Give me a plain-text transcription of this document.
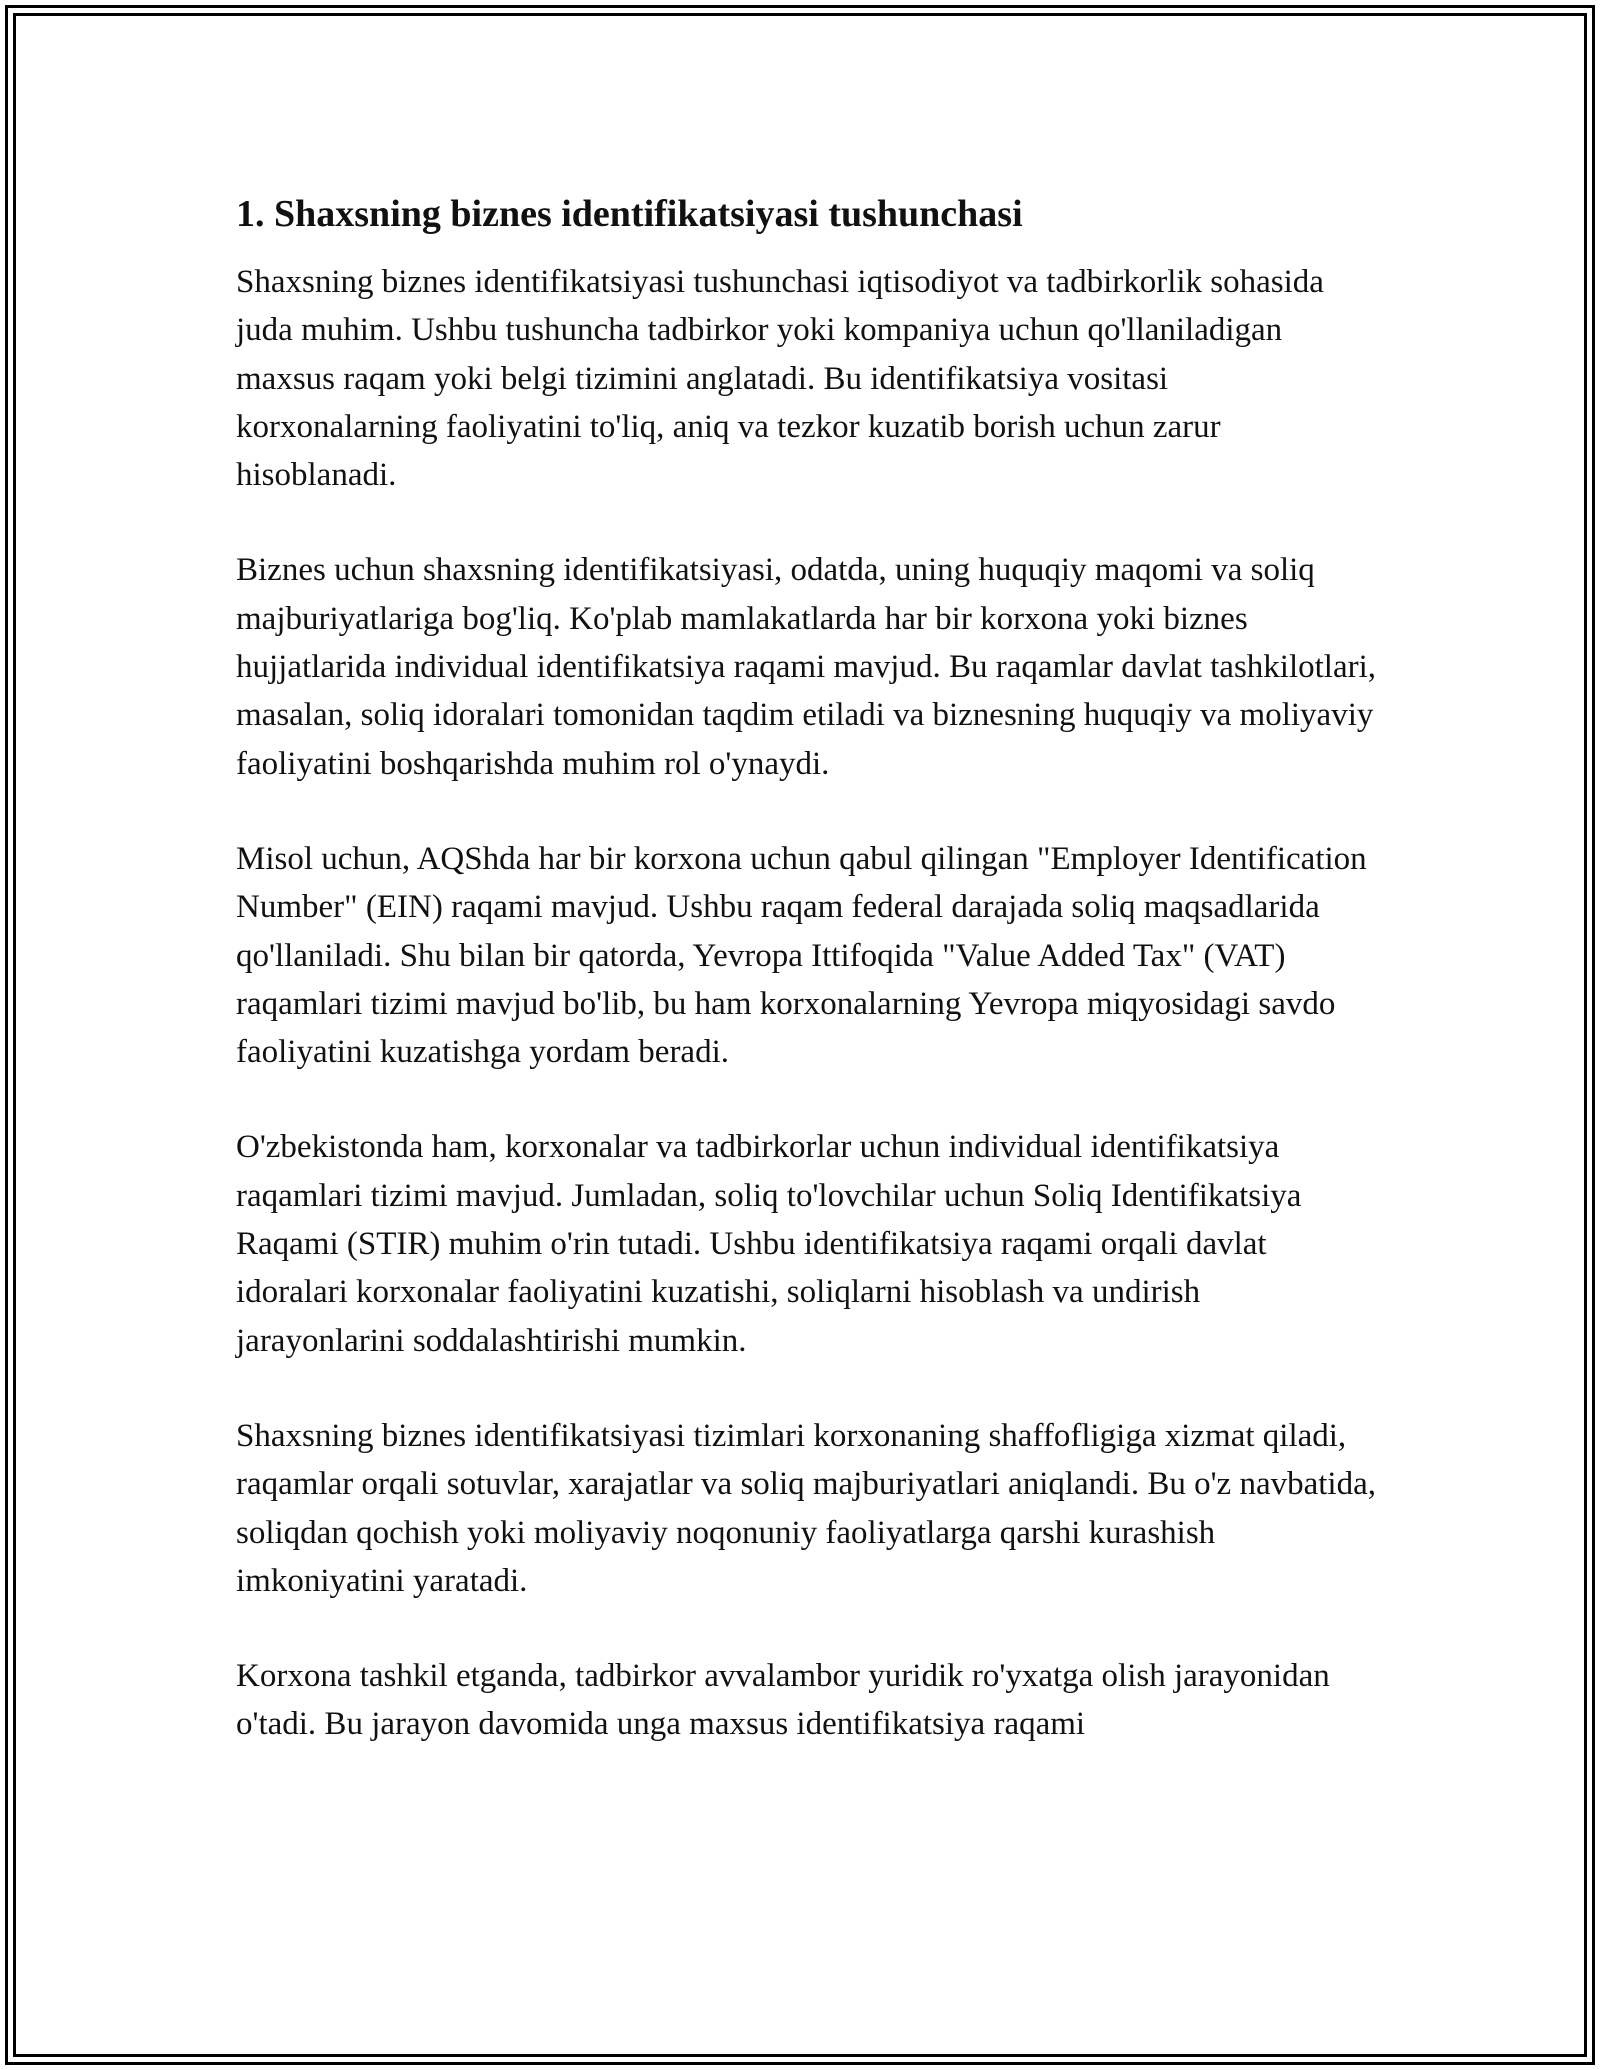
1. Shaxsning biznes identifikatsiyasi tushunchasi

Shaxsning biznes identifikatsiyasi tushunchasi iqtisodiyot va tadbirkorlik sohasida juda muhim. Ushbu tushuncha tadbirkor yoki kompaniya uchun qo'llaniladigan maxsus raqam yoki belgi tizimini anglatadi. Bu identifikatsiya vositasi korxonalarning faoliyatini to'liq, aniq va tezkor kuzatib borish uchun zarur hisoblanadi.

Biznes uchun shaxsning identifikatsiyasi, odatda, uning huquqiy maqomi va soliq majburiyatlariga bog'liq. Ko'plab mamlakatlarda har bir korxona yoki biznes hujjatlarida individual identifikatsiya raqami mavjud. Bu raqamlar davlat tashkilotlari, masalan, soliq idoralari tomonidan taqdim etiladi va biznesning huquqiy va moliyaviy faoliyatini boshqarishda muhim rol o'ynaydi.

Misol uchun, AQShda har bir korxona uchun qabul qilingan "Employer Identification Number" (EIN) raqami mavjud. Ushbu raqam federal darajada soliq maqsadlarida qo'llaniladi. Shu bilan bir qatorda, Yevropa Ittifoqida "Value Added Tax" (VAT) raqamlari tizimi mavjud bo'lib, bu ham korxonalarning Yevropa miqyosidagi savdo faoliyatini kuzatishga yordam beradi.

O'zbekistonda ham, korxonalar va tadbirkorlar uchun individual identifikatsiya raqamlari tizimi mavjud. Jumladan, soliq to'lovchilar uchun Soliq Identifikatsiya Raqami (STIR) muhim o'rin tutadi. Ushbu identifikatsiya raqami orqali davlat idoralari korxonalar faoliyatini kuzatishi, soliqlarni hisoblash va undirish jarayonlarini soddalashtirishi mumkin.

Shaxsning biznes identifikatsiyasi tizimlari korxonaning shaffofligiga xizmat qiladi, raqamlar orqali sotuvlar, xarajatlar va soliq majburiyatlari aniqlandi. Bu o'z navbatida, soliqdan qochish yoki moliyaviy noqonuniy faoliyatlarga qarshi kurashish imkoniyatini yaratadi.

Korxona tashkil etganda, tadbirkor avvalambor yuridik ro'yxatga olish jarayonidan o'tadi. Bu jarayon davomida unga maxsus identifikatsiya raqami
